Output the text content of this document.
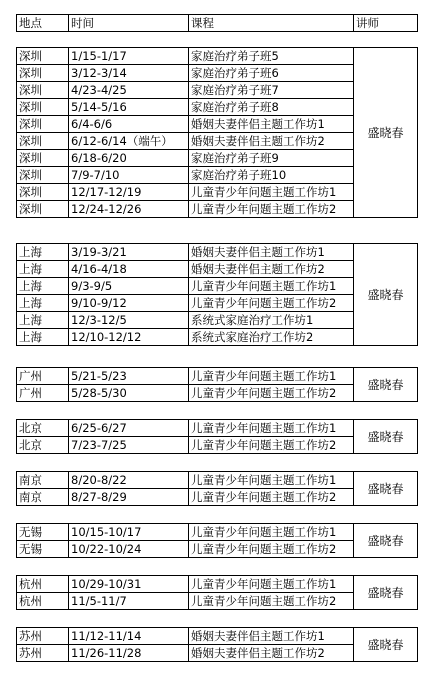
地点	时间	课程	讲师
深圳	1/15-1/17	家庭治疗弟子班5	盛晓春
深圳	3/12-3/14	家庭治疗弟子班6	
深圳	4/23-4/25	家庭治疗弟子班7	
深圳	5/14-5/16	家庭治疗弟子班8	
深圳	6/4-6/6	婚姻夫妻伴侣主题工作坊1	
深圳	6/12-6/14（端午）	婚姻夫妻伴侣主题工作坊2	
深圳	6/18-6/20	家庭治疗弟子班9	
深圳	7/9-7/10	家庭治疗弟子班10	
深圳	12/17-12/19	儿童青少年问题主题工作坊1	
深圳	12/24-12/26	儿童青少年问题主题工作坊2	
上海	3/19-3/21	婚姻夫妻伴侣主题工作坊1	盛晓春
上海	4/16-4/18	婚姻夫妻伴侣主题工作坊2	
上海	9/3-9/5	儿童青少年问题主题工作坊1	
上海	9/10-9/12	儿童青少年问题主题工作坊2	
上海	12/3-12/5	系统式家庭治疗工作坊1	
上海	12/10-12/12	系统式家庭治疗工作坊2	
广州	5/21-5/23	儿童青少年问题主题工作坊1	盛晓春
广州	5/28-5/30	儿童青少年问题主题工作坊2	
北京	6/25-6/27	儿童青少年问题主题工作坊1	盛晓春
北京	7/23-7/25	儿童青少年问题主题工作坊2	
南京	8/20-8/22	儿童青少年问题主题工作坊1	盛晓春
南京	8/27-8/29	儿童青少年问题主题工作坊2	
无锡	10/15-10/17	儿童青少年问题主题工作坊1	盛晓春
无锡	10/22-10/24	儿童青少年问题主题工作坊2	
杭州	10/29-10/31	儿童青少年问题主题工作坊1	盛晓春
杭州	11/5-11/7	儿童青少年问题主题工作坊2	
苏州	11/12-11/14	婚姻夫妻伴侣主题工作坊1	盛晓春
苏州	11/26-11/28	婚姻夫妻伴侣主题工作坊2	
